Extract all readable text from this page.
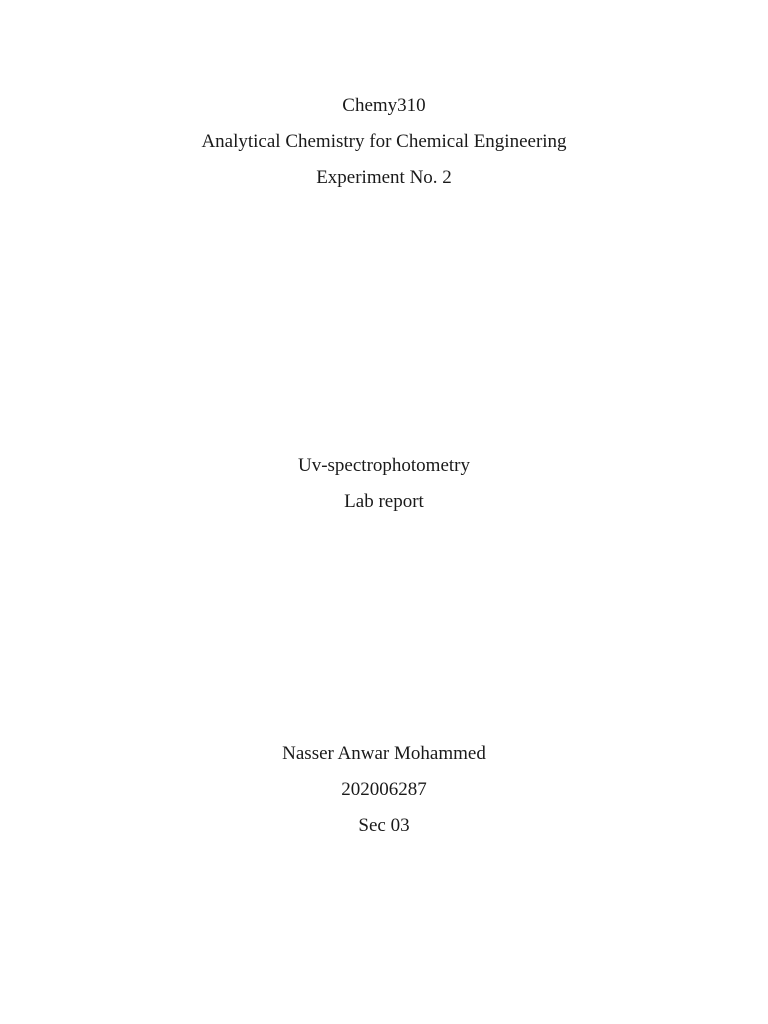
Chemy310
Analytical Chemistry for Chemical Engineering
Experiment No. 2
Uv-spectrophotometry
Lab report
Nasser Anwar Mohammed
202006287
Sec 03
